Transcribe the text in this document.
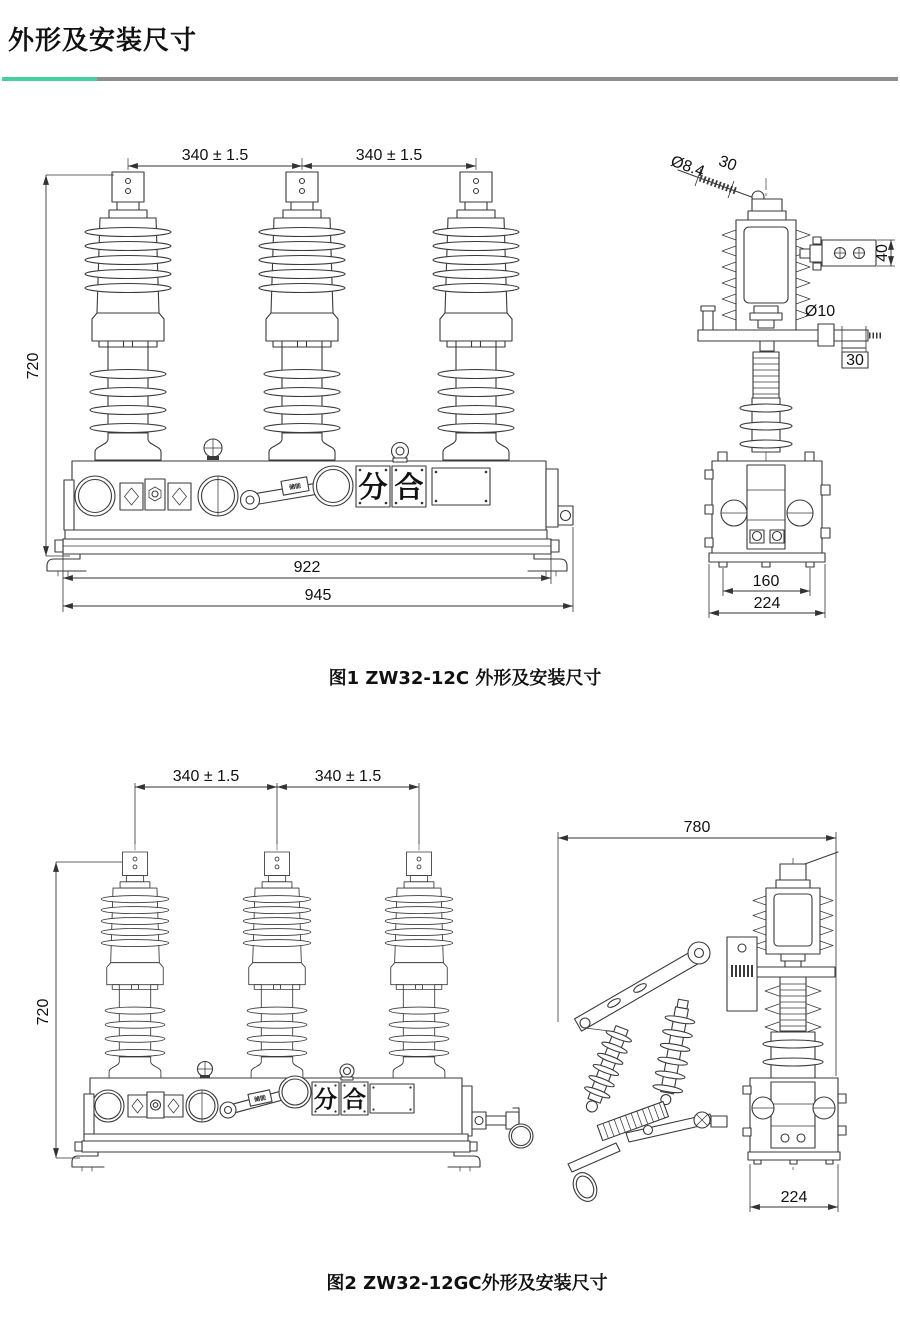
外形及安装尺寸
340 ± 1.5	340 ± 1.5
720
储能 分 合
922
945
Ø8.4 30
40
Ø10
30
160
224
图1 ZW32-12C 外形及安装尺寸
340 ± 1.5	340 ± 1.5
720
储能 分 合
780
224
图2 ZW32-12GC外形及安装尺寸
